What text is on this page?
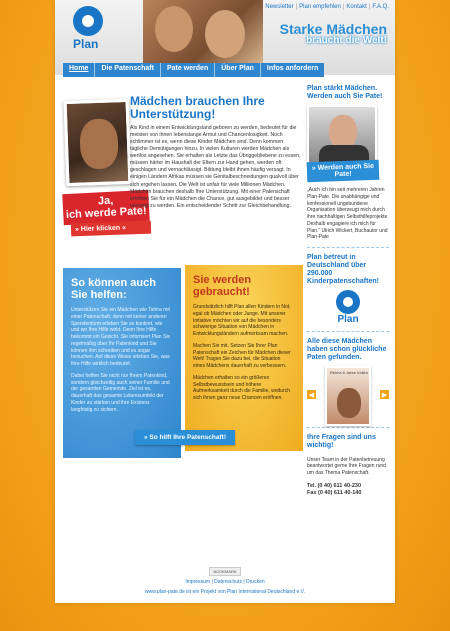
Plan
Newsletter | Plan empfehlen | Kontakt | F.A.Q.
Starke Mädchen
braucht die Welt!
Home	Die Patenschaft	Pate werden	Über Plan	Infos anfordern
Ja,
ich werde Pate!
» Hier klicken «
Mädchen brauchen Ihre Unterstützung!

Als Kind in einem Entwicklungsland geboren zu werden, bedeutet für die meisten von ihnen lebenslange Armut und Chancenlosigkeit. Noch schlimmer ist es, wenn diese Kinder Mädchen sind. Denn kommen tägliche Demütigungen hinzu. In vielen Kulturen werden Mädchen als wertlos angesehen. Sie erhalten als Letzte das Übriggebliebene zu essen, müssen härter im Haushalt der Eltern zur Hand gehen, werden oft geschlagen und vernachlässigt. Bildung bleibt ihnen häufig versagt. In einigen Ländern Afrikas müssen sie Genitalbeschneidungen qualvoll über sich ergehen lassen. Die Welt ist unfair für viele Millionen Mädchen. Mädchen brauchen deshalb Ihre Unterstützung. Mit einer Patenschaft erhöhen Sie für ein Mädchen die Chance, gut ausgebildet und besser versorgt zu werden. Ein entscheidender Schritt zur Gleichbehandlung.

Plan stärkt Mädchen. Werden auch Sie Pate!
» Werden auch Sie Pate!

„Auch ich bin seit mehreren Jahren Plan-Pate. Die unabhängige und konfessionell ungebundene Organisation überzeugt mich durch ihre nachhaltigen Selbsthilfeprojekte. Deshalb engagiere ich mich für Plan.“ Ulrich Wickert, Buchautor und Plan-Pate

Plan betreut in Deutschland über 290.000 Kinderpatenschaften!
Plan
Alle diese Mädchen haben schon glückliche Paten gefunden.
Rekha 6 Jahre Indien
◀	▶
Ihre Fragen sind uns wichtig!

Unser Team in der Patenbetreuung beantwortet gerne Ihre Fragen rund um das Thema Patenschaft.

Tel. (0 40) 611 40-230
Fax (0 40) 611 40-140
So können auch Sie helfen:

Unterstützen Sie ein Mädchen wie Tahira mit einer Patenschaft, denn mit keiner anderen Spendenform erleben Sie so konkret, wie und wo Ihre Hilfe wirkt. Denn Ihre Hilfe bekommt ein Gesicht. Sie informiert Plan Sie regelmäßig über Ihr Patenkind und Sie können ihm schreiben und es sogar besuchen. Auf diese Weise erleben Sie, was Ihre Hilfe wirklich bedeutet.

Dabei helfen Sie nicht nur Ihrem Patenkind, sondern gleichzeitig auch seiner Familie und der gesamten Gemeinde. Ziel ist es, dauerhaft das gesamte Lebensumfeld der Kinder zu stärken und ihre Existenz langfristig zu sichern.

Sie werden gebraucht!

Grundsätzlich hilft Plan allen Kindern in Not, egal ob Mädchen oder Junge. Mit unserer Initiative möchten wir auf die besonders schwierige Situation von Mädchen in Entwicklungsländern aufmerksam machen.

Machen Sie mit. Setzen Sie Ihrer Plan Patenschaft ein Zeichen für Mädchen dieser Welt! Tragen Sie dazu bei, die Situation eines Mädchens dauerhaft zu verbessern.

Mädchen erhalten so ein größeres Selbstbewusstsein und höhere Aufmerksamkeit durch die Familie, wodurch sich ihnen ganz neue Chancen eröffnen.

» So hilft Ihre Patenschaft!
BOOKMARK
Impressum | Datenschutz | Drucken
www.plan-pate.de ist ein Projekt von Plan International Deutschland e.V.
